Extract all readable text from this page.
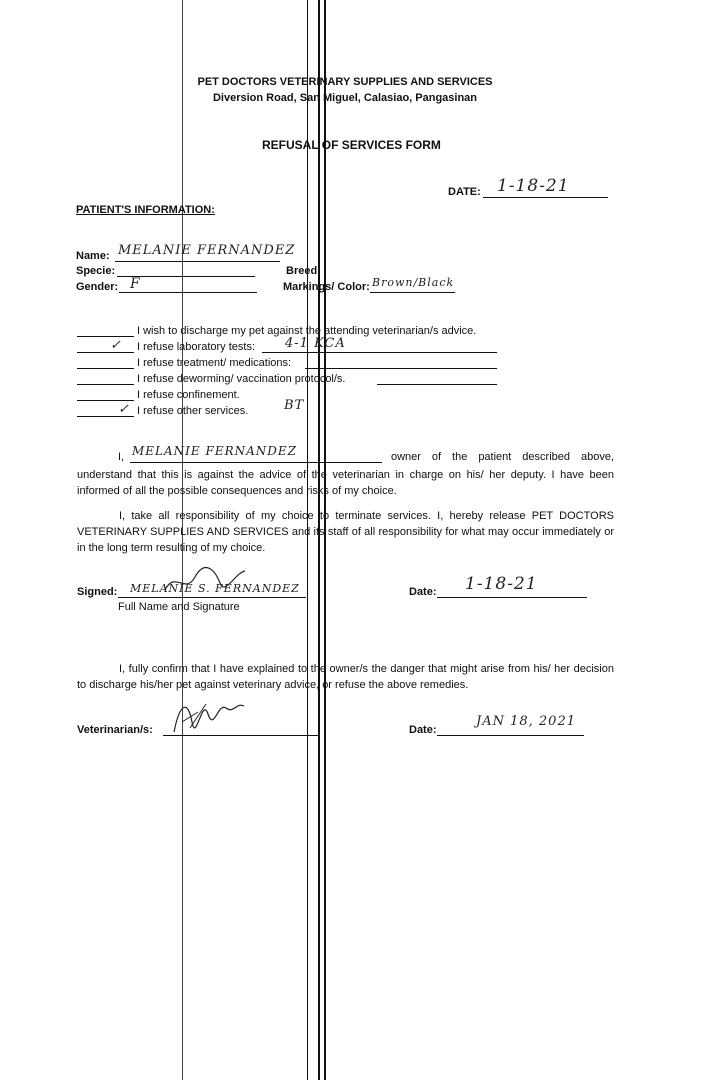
PET DOCTORS VETERINARY SUPPLIES AND SERVICES
Diversion Road, San Miguel, Calasiao, Pangasinan
REFUSAL OF SERVICES FORM
DATE: 1-18-21
PATIENT'S INFORMATION:
Name: MELANIE FERNANDEZ
Specie:	Breed:
Gender: F	Markings/ Color: Brown/Black
I wish to discharge my pet against the attending veterinarian/s advice.
✓ I refuse laboratory tests: 4-1 KCA
I refuse treatment/ medications:
I refuse deworming/ vaccination protocol/s.
I refuse confinement.
✓ I refuse other services.	BT
I, MELANIE FERNANDEZ	owner of the patient described above,
understand that this is against the advice of the veterinarian in charge on his/ her deputy. I have been informed of all the possible consequences and risks of my choice.
I, take all responsibility of my choice to terminate services. I, hereby release PET DOCTORS VETERINARY SUPPLIES AND SERVICES and its staff of all responsibility for what may occur immediately or in the long term resulting of my choice.
Signed: MELANIE S. FERNANDEZ
Full Name and Signature
Date: 1-18-21
I, fully confirm that I have explained to the owner/s the danger that might arise from his/ her decision to discharge his/her pet against veterinary advice, or refuse the above remedies.
Veterinarian/s:	Date:
JAN 18, 2021
